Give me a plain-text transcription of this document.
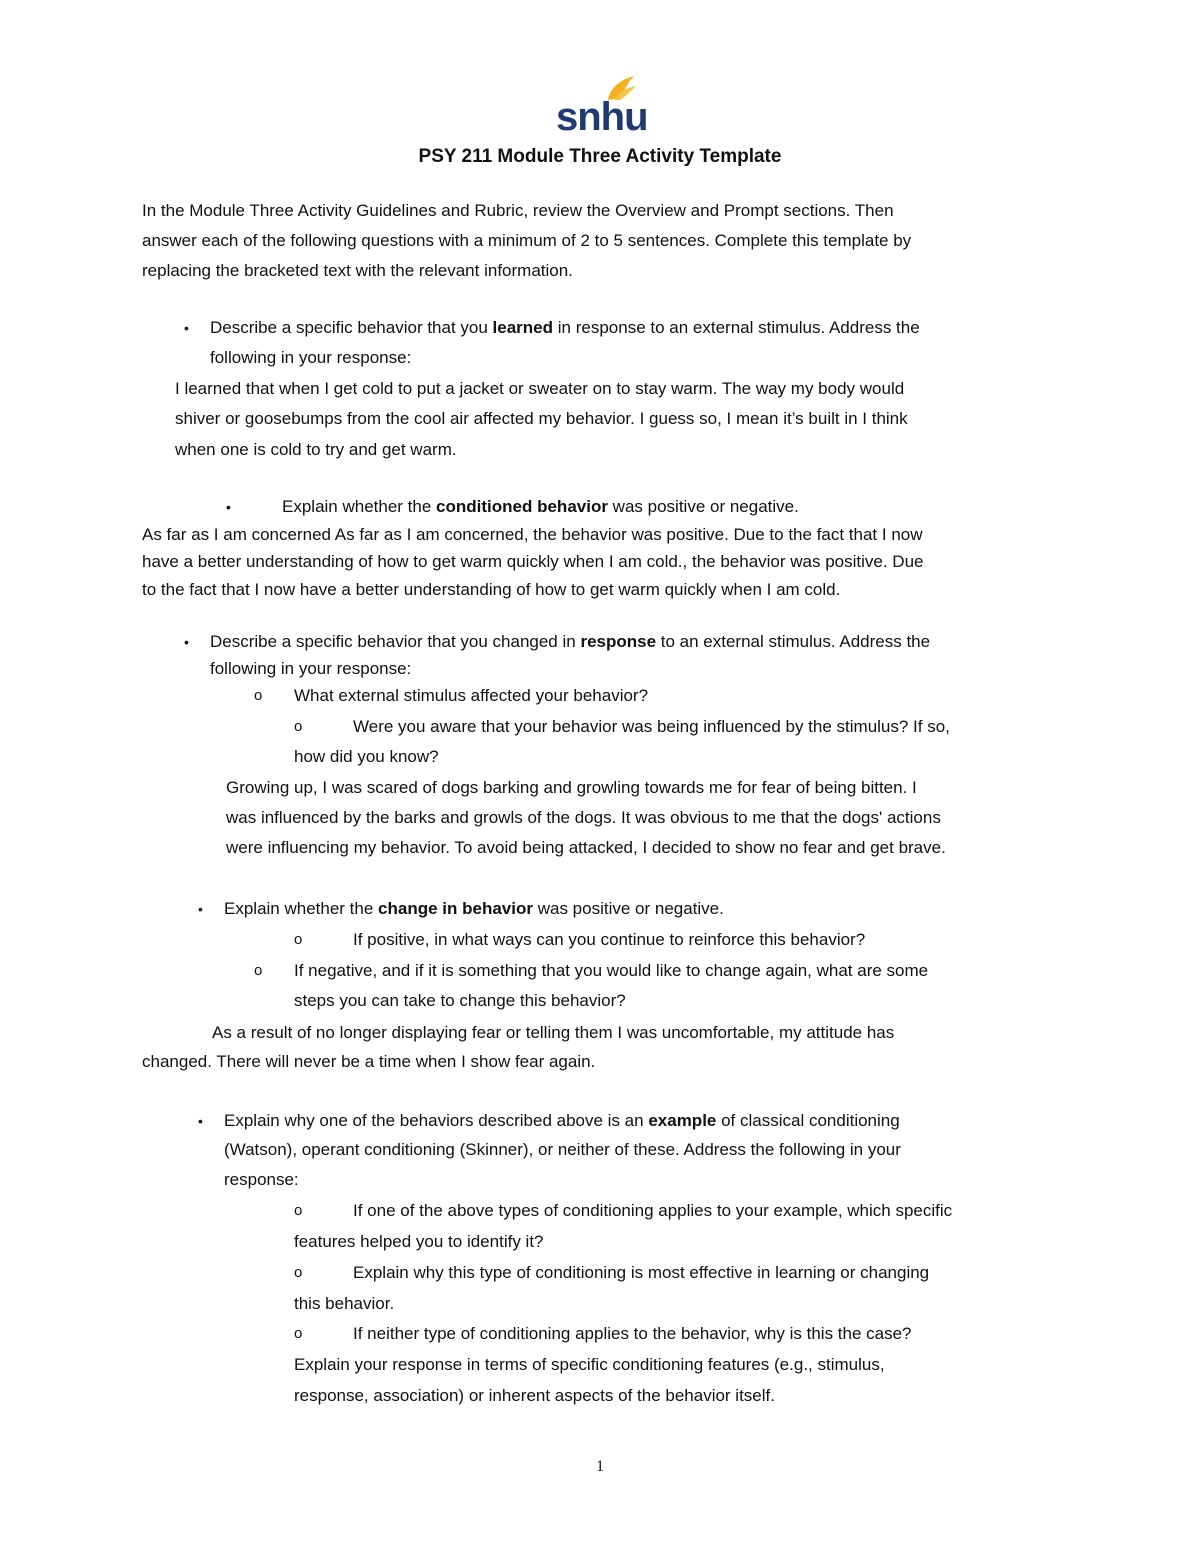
snhu
PSY 211 Module Three Activity Template
In the Module Three Activity Guidelines and Rubric, review the Overview and Prompt sections. Then
answer each of the following questions with a minimum of 2 to 5 sentences. Complete this template by
replacing the bracketed text with the relevant information.
• Describe a specific behavior that you learned in response to an external stimulus. Address the
following in your response:
I learned that when I get cold to put a jacket or sweater on to stay warm. The way my body would
shiver or goosebumps from the cool air affected my behavior. I guess so, I mean it’s built in I think
when one is cold to try and get warm.
•	Explain whether the conditioned behavior was positive or negative.
As far as I am concerned As far as I am concerned, the behavior was positive. Due to the fact that I now
have a better understanding of how to get warm quickly when I am cold., the behavior was positive. Due
to the fact that I now have a better understanding of how to get warm quickly when I am cold.
• Describe a specific behavior that you changed in response to an external stimulus. Address the
following in your response:
o What external stimulus affected your behavior?
o	Were you aware that your behavior was being influenced by the stimulus? If so,
how did you know?
Growing up, I was scared of dogs barking and growling towards me for fear of being bitten. I
was influenced by the barks and growls of the dogs. It was obvious to me that the dogs' actions
were influencing my behavior. To avoid being attacked, I decided to show no fear and get brave.
• Explain whether the change in behavior was positive or negative.
o	If positive, in what ways can you continue to reinforce this behavior?
o If negative, and if it is something that you would like to change again, what are some
steps you can take to change this behavior?
As a result of no longer displaying fear or telling them I was uncomfortable, my attitude has
changed. There will never be a time when I show fear again.
• Explain why one of the behaviors described above is an example of classical conditioning
(Watson), operant conditioning (Skinner), or neither of these. Address the following in your
response:
o	If one of the above types of conditioning applies to your example, which specific
features helped you to identify it?
o	Explain why this type of conditioning is most effective in learning or changing
this behavior.
o	If neither type of conditioning applies to the behavior, why is this the case?
Explain your response in terms of specific conditioning features (e.g., stimulus,
response, association) or inherent aspects of the behavior itself.
1
